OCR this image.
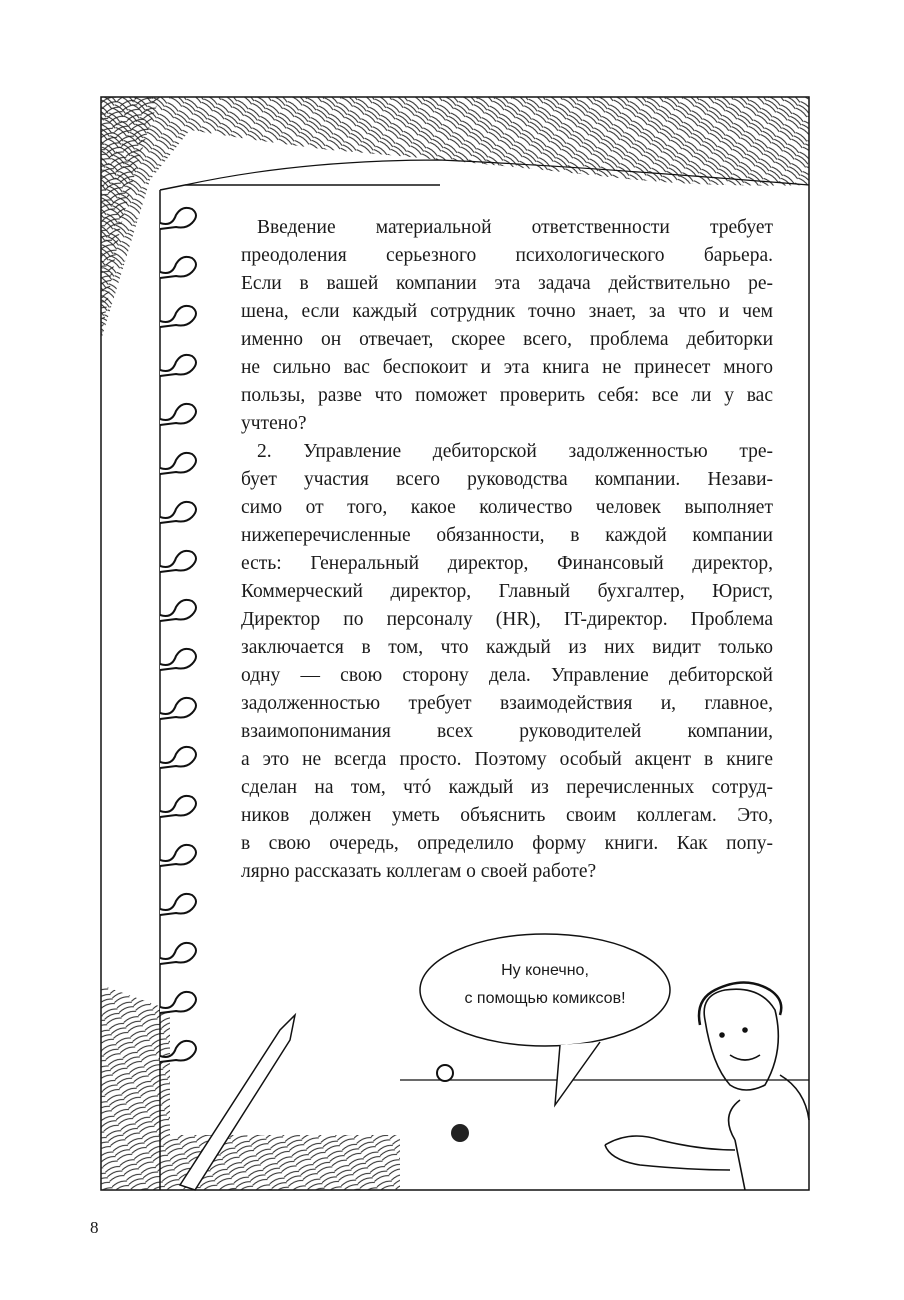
Введение материальной ответственности требует
преодоления серьезного психологического барьера.
Если в вашей компании эта задача действительно ре-
шена, если каждый сотрудник точно знает, за что и чем
именно он отвечает, скорее всего, проблема дебиторки
не сильно вас беспокоит и эта книга не принесет много
пользы, разве что поможет проверить себя: все ли у вас
учтено?
2. Управление дебиторской задолженностью тре-
бует участия всего руководства компании. Незави-
симо от того, какое количество человек выполняет
нижеперечисленные обязанности, в каждой компании
есть: Генеральный директор, Финансовый директор,
Коммерческий директор, Главный бухгалтер, Юрист,
Директор по персоналу (HR), IT-директор. Проблема
заключается в том, что каждый из них видит только
одну — свою сторону дела. Управление дебиторской
задолженностью требует взаимодействия и, главное,
взаимопонимания всех руководителей компании,
а это не всегда просто. Поэтому особый акцент в книге
сделан на том, чтó каждый из перечисленных сотруд-
ников должен уметь объяснить своим коллегам. Это,
в свою очередь, определило форму книги. Как попу-
лярно рассказать коллегам о своей работе?
Ну конечно,
с помощью комиксов!
8
